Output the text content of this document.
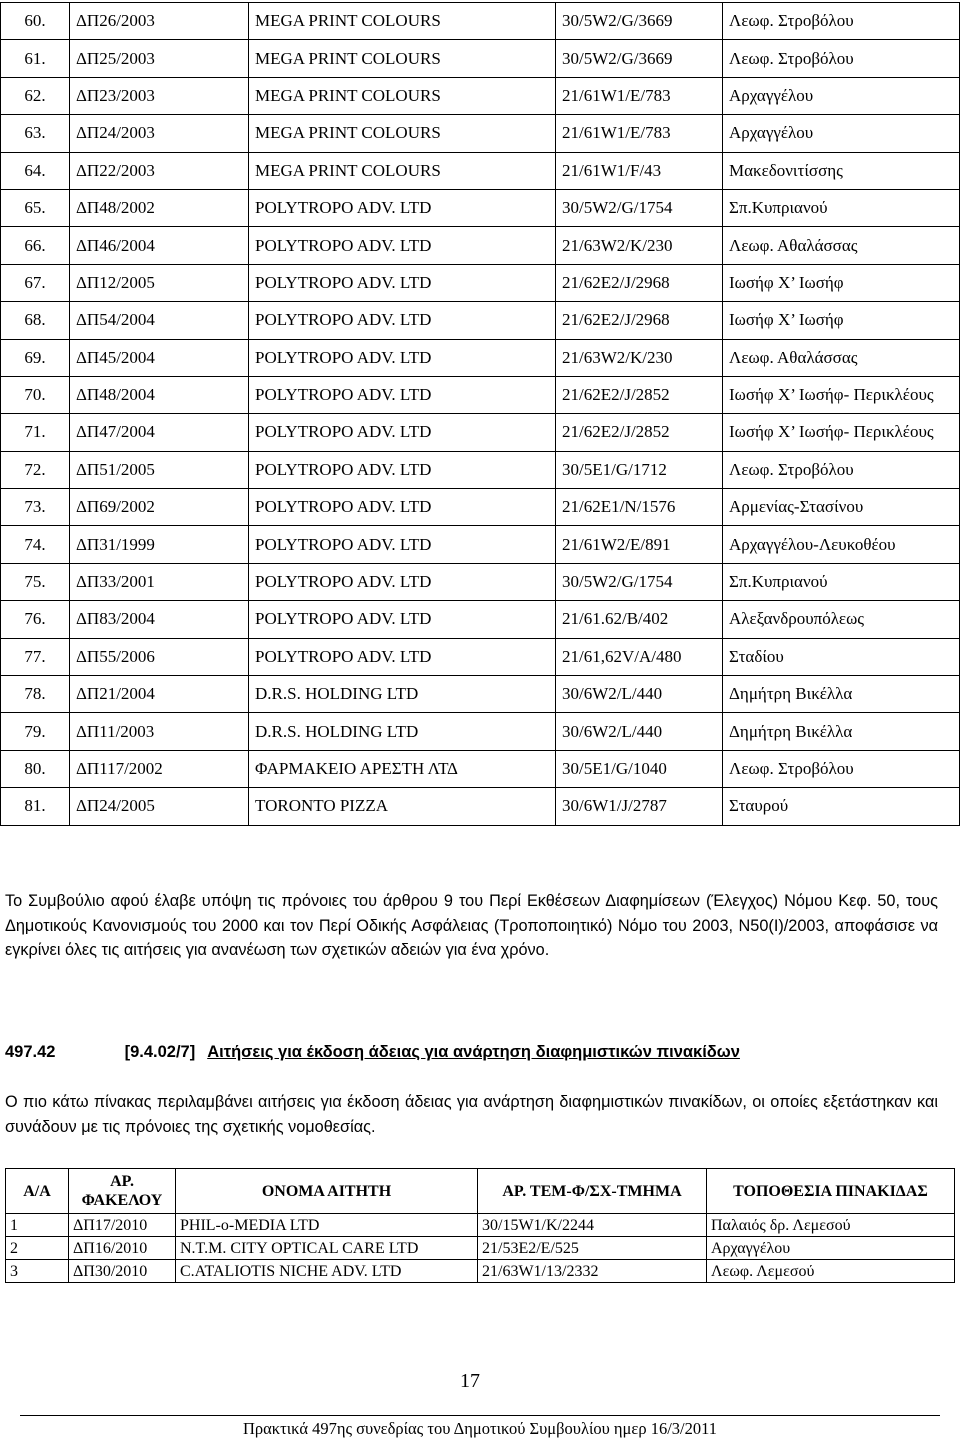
60.	ΔΠ26/2003	MEGA PRINT COLOURS	30/5W2/G/3669	Λεωφ. Στροβόλου
61.	ΔΠ25/2003	MEGA PRINT COLOURS	30/5W2/G/3669	Λεωφ. Στροβόλου
62.	ΔΠ23/2003	MEGA PRINT COLOURS	21/61W1/E/783	Αρχαγγέλου
63.	ΔΠ24/2003	MEGA PRINT COLOURS	21/61W1/E/783	Αρχαγγέλου
64.	ΔΠ22/2003	MEGA PRINT COLOURS	21/61W1/F/43	Μακεδονιτίσσης
65.	ΔΠ48/2002	POLYTROPO ADV. LTD	30/5W2/G/1754	Σπ.Κυπριανού
66.	ΔΠ46/2004	POLYTROPO ADV. LTD	21/63W2/K/230	Λεωφ. Αθαλάσσας
67.	ΔΠ12/2005	POLYTROPO ADV. LTD	21/62E2/J/2968	Ιωσήφ Χ’ Ιωσήφ
68.	ΔΠ54/2004	POLYTROPO ADV. LTD	21/62E2/J/2968	Ιωσήφ Χ’ Ιωσήφ
69.	ΔΠ45/2004	POLYTROPO ADV. LTD	21/63W2/K/230	Λεωφ. Αθαλάσσας
70.	ΔΠ48/2004	POLYTROPO ADV. LTD	21/62E2/J/2852	Ιωσήφ Χ’ Ιωσήφ- Περικλέους
71.	ΔΠ47/2004	POLYTROPO ADV. LTD	21/62E2/J/2852	Ιωσήφ Χ’ Ιωσήφ- Περικλέους
72.	ΔΠ51/2005	POLYTROPO ADV. LTD	30/5E1/G/1712	Λεωφ. Στροβόλου
73.	ΔΠ69/2002	POLYTROPO ADV. LTD	21/62E1/N/1576	Αρμενίας-Στασίνου
74.	ΔΠ31/1999	POLYTROPO ADV. LTD	21/61W2/E/891	Αρχαγγέλου-Λευκοθέου
75.	ΔΠ33/2001	POLYTROPO ADV. LTD	30/5W2/G/1754	Σπ.Κυπριανού
76.	ΔΠ83/2004	POLYTROPO ADV. LTD	21/61.62/B/402	Αλεξανδρουπόλεως
77.	ΔΠ55/2006	POLYTROPO ADV. LTD	21/61,62V/A/480	Σταδίου
78.	ΔΠ21/2004	D.R.S. HOLDING LTD	30/6W2/L/440	Δημήτρη Βικέλλα
79.	ΔΠ11/2003	D.R.S. HOLDING LTD	30/6W2/L/440	Δημήτρη Βικέλλα
80.	ΔΠ117/2002	ΦΑΡΜΑΚΕΙΟ ΑΡΕΣΤΗ ΛΤΔ	30/5E1/G/1040	Λεωφ. Στροβόλου
81.	ΔΠ24/2005	TORONTO PIZZA	30/6W1/J/2787	Σταυρού
Το Συμβούλιο αφού έλαβε υπόψη τις πρόνοιες του άρθρου 9 του Περί Εκθέσεων Διαφημίσεων (Έλεγχος) Νόμου Κεφ. 50, τους Δημοτικούς Κανονισμούς του 2000 και τον Περί Οδικής Ασφάλειας (Τροποποιητικό) Νόμο του 2003, Ν50(Ι)/2003, αποφάσισε να εγκρίνει όλες τις αιτήσεις για ανανέωση των σχετικών αδειών για ένα χρόνο.
497.42	[9.4.02/7] Αιτήσεις για έκδοση άδειας για ανάρτηση διαφημιστικών πινακίδων
Ο πιο κάτω πίνακας περιλαμβάνει αιτήσεις για έκδοση άδειας για ανάρτηση διαφημιστικών πινακίδων, οι οποίες εξετάστηκαν και συνάδουν με τις πρόνοιες της σχετικής νομοθεσίας.
Α/Α	ΑΡ. ΦΑΚΕΛΟΥ	ΟΝΟΜΑ ΑΙΤΗΤΗ	ΑΡ. ΤΕΜ-Φ/ΣΧ-ΤΜΗΜΑ	ΤΟΠΟΘΕΣΙΑ ΠΙΝΑΚΙΔΑΣ
1	ΔΠ17/2010	PHIL-o-MEDIA LTD	30/15W1/K/2244	Παλαιός δρ. Λεμεσού
2	ΔΠ16/2010	N.T.M. CITY OPTICAL CARE LTD	21/53E2/E/525	Αρχαγγέλου
3	ΔΠ30/2010	C.ATALIOTIS NICHE ADV. LTD	21/63W1/13/2332	Λεωφ. Λεμεσού
17
Πρακτικά 497ης συνεδρίας του Δημοτικού Συμβουλίου ημερ 16/3/2011
